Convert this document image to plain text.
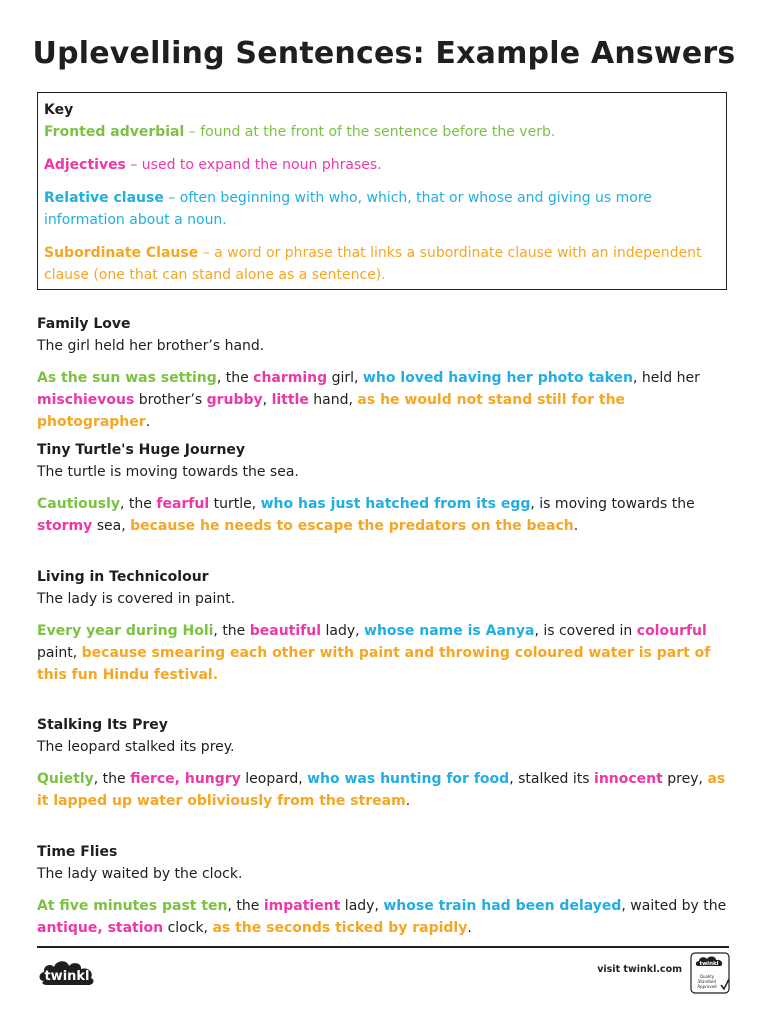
Uplevelling Sentences: Example Answers

Key

Fronted adverbial – found at the front of the sentence before the verb.

Adjectives – used to expand the noun phrases.

Relative clause – often beginning with who, which, that or whose and giving us more information about a noun.

Subordinate Clause – a word or phrase that links a subordinate clause with an independent clause (one that can stand alone as a sentence).

Family Love

The girl held her brother’s hand.

As the sun was setting, the charming girl, who loved having her photo taken, held her mischievous brother’s grubby, little hand, as he would not stand still for the photographer.

Tiny Turtle's Huge Journey

The turtle is moving towards the sea.

Cautiously, the fearful turtle, who has just hatched from its egg, is moving towards the stormy sea, because he needs to escape the predators on the beach.

Living in Technicolour

The lady is covered in paint.

Every year during Holi, the beautiful lady, whose name is Aanya, is covered in colourful paint, because smearing each other with paint and throwing coloured water is part of this fun Hindu festival.

Stalking Its Prey

The leopard stalked its prey.

Quietly, the fierce, hungry leopard, who was hunting for food, stalked its innocent prey, as it lapped up water obliviously from the stream.

Time Flies

The lady waited by the clock.

At five minutes past ten, the impatient lady, whose train had been delayed, waited by the antique, station clock, as the seconds ticked by rapidly.

twinkl	visit twinkl.com	twinkl
Quality Standard Approved
